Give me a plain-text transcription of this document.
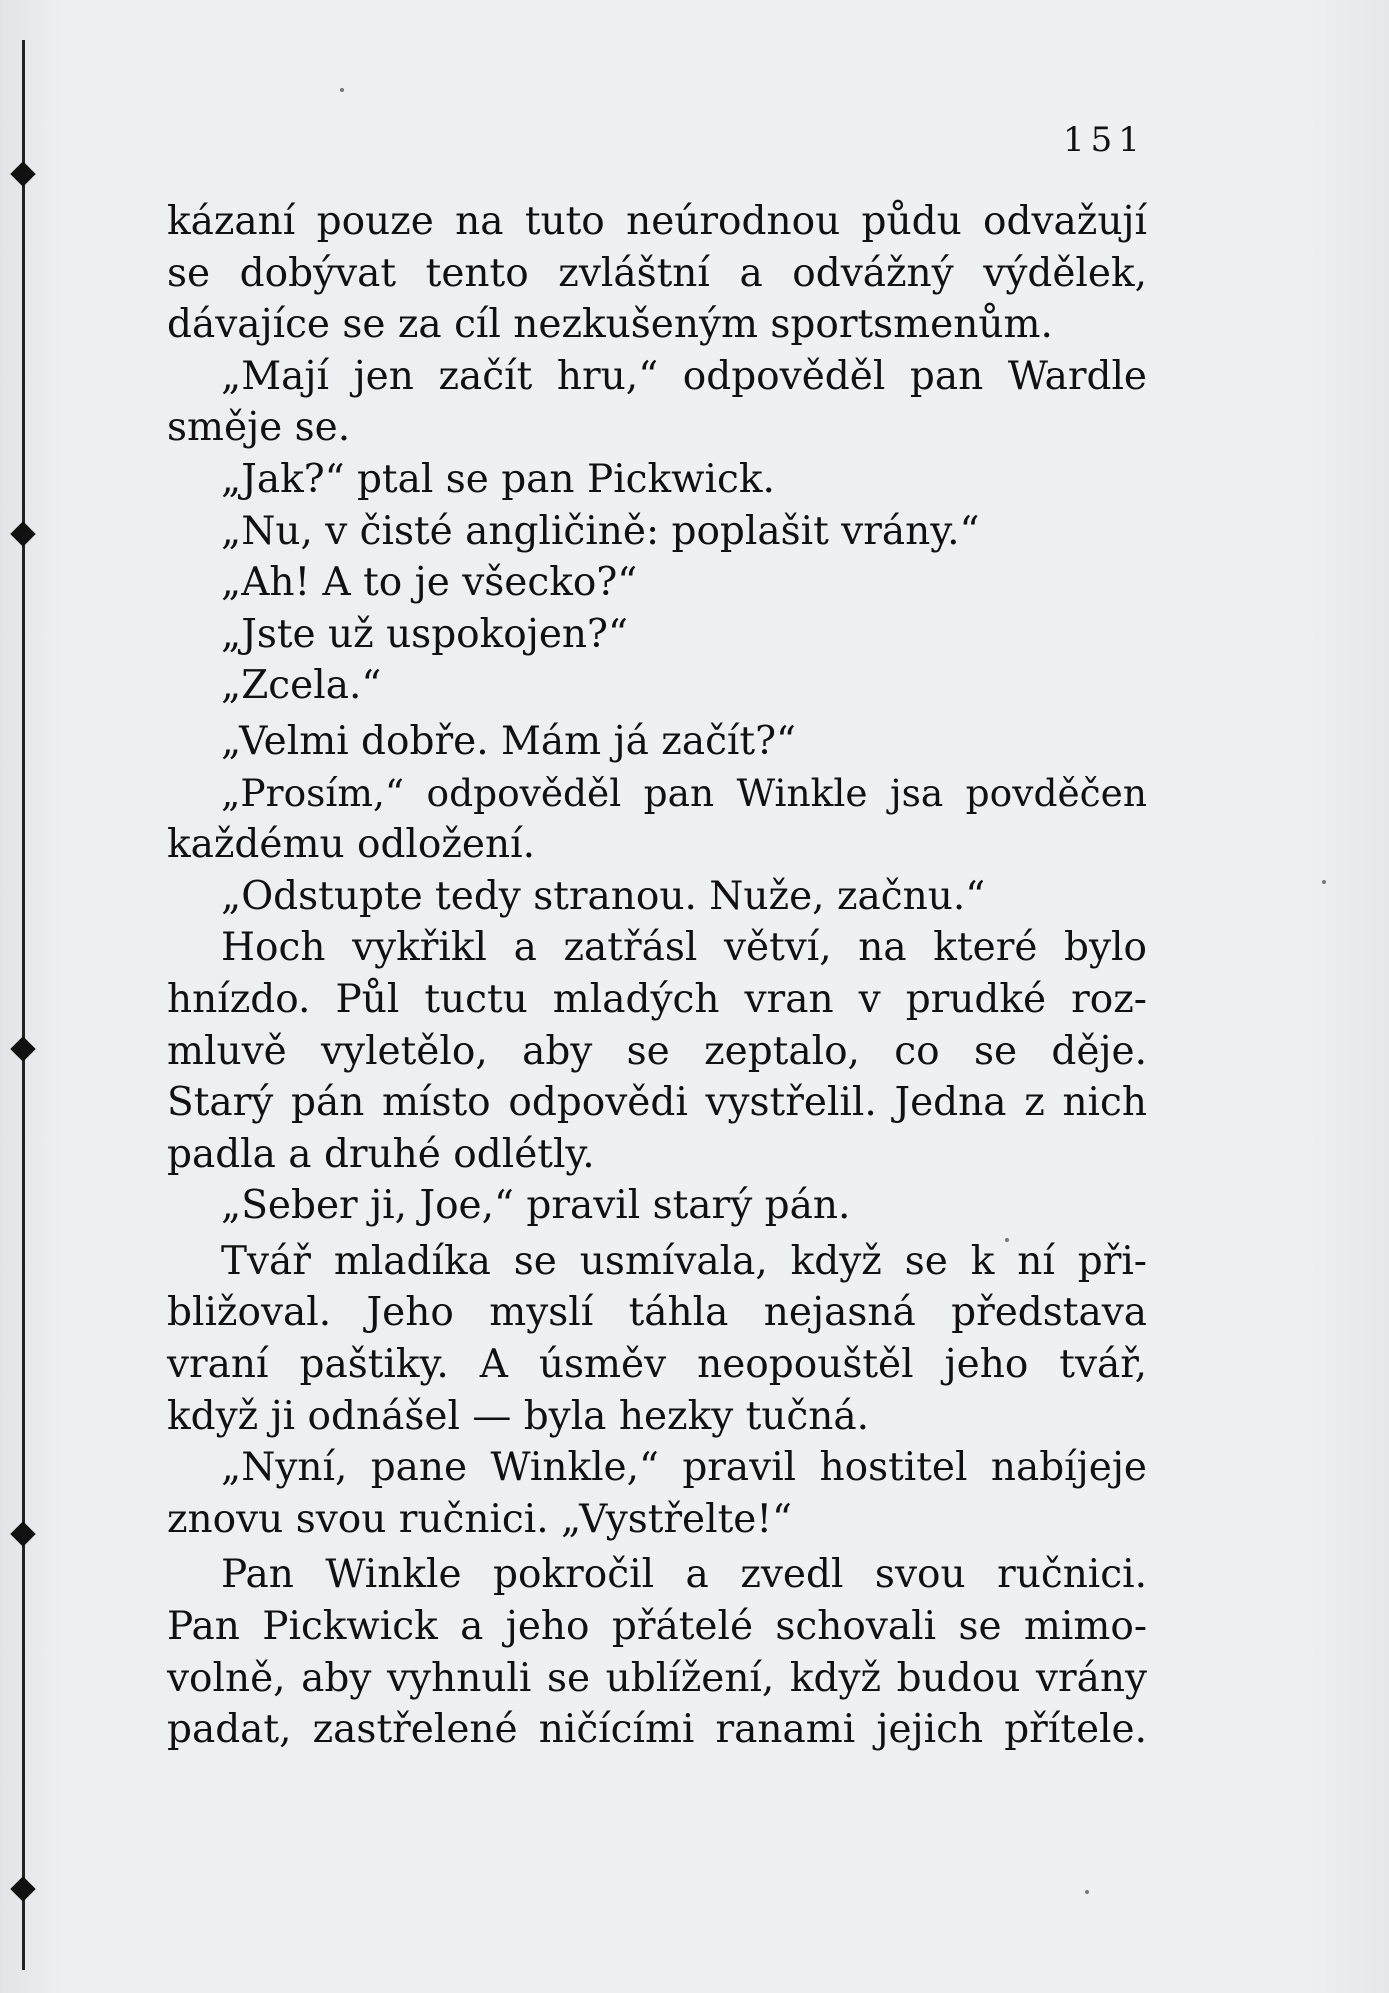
151
kázaní pouze na tuto neúrodnou půdu odvažují
se dobývat tento zvláštní a odvážný výdělek,
dávajíce se za cíl nezkušeným sportsmenům.
„Mají jen začít hru,“ odpověděl pan Wardle
směje se.
„Jak?“ ptal se pan Pickwick.
„Nu, v čisté angličině: poplašit vrány.“
„Ah! A to je všecko?“
„Jste už uspokojen?“
„Zcela.“
„Velmi dobře. Mám já začít?“
„Prosím,“ odpověděl pan Winkle jsa povděčen
každému odložení.
„Odstupte tedy stranou. Nuže, začnu.“
Hoch vykřikl a zatřásl větví, na které bylo
hnízdo. Půl tuctu mladých vran v prudké roz-
mluvě vyletělo, aby se zeptalo, co se děje.
Starý pán místo odpovědi vystřelil. Jedna z nich
padla a druhé odlétly.
„Seber ji, Joe,“ pravil starý pán.
Tvář mladíka se usmívala, když se k ní při-
bližoval. Jeho myslí táhla nejasná představa
vraní paštiky. A úsměv neopouštěl jeho tvář,
když ji odnášel — byla hezky tučná.
„Nyní, pane Winkle,“ pravil hostitel nabíjeje
znovu svou ručnici. „Vystřelte!“
Pan Winkle pokročil a zvedl svou ručnici.
Pan Pickwick a jeho přátelé schovali se mimo-
volně, aby vyhnuli se ublížení, když budou vrány
padat, zastřelené ničícími ranami jejich přítele.
